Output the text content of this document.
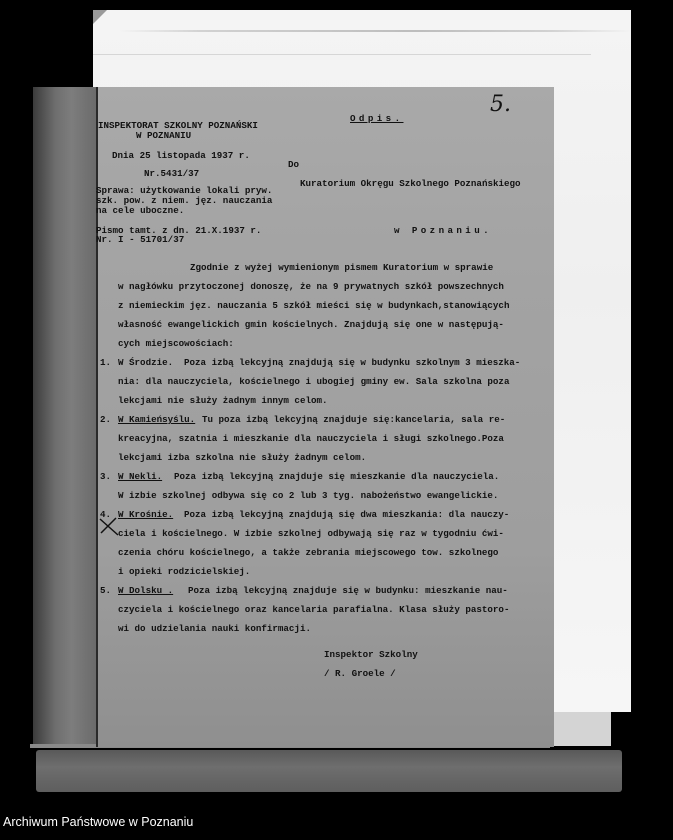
5.
INSPEKTORAT SZKOLNY POZNAŃSKI
W POZNANIU
Odpis.
Dnia 25 listopada 1937 r.
Do
Nr.5431/37
Kuratorium Okręgu Szkolnego Poznańskiego
Sprawa: użytkowanie lokali pryw.
szk. pow. z niem. jęz. nauczania
na cele uboczne.
Pismo tamt. z dn. 21.X.1937 r.
Nr. I - 51701/37
w Poznaniu.
Zgodnie z wyżej wymienionym pismem Kuratorium w sprawie
w nagłówku przytoczonej donoszę, że na 9 prywatnych szkół powszechnych
z niemieckim jęz. nauczania 5 szkół mieści się w budynkach,stanowiących
własność ewangelickich gmin kościelnych. Znajdują się one w następują-
cych miejscowościach:
1. W Środzie. Poza izbą lekcyjną znajdują się w budynku szkolnym 3 mieszka-
nia: dla nauczyciela, kościelnego i ubogiej gminy ew. Sala szkolna poza
lekcjami nie służy żadnym innym celom.
2. W Kamieńsyślu. Tu poza izbą lekcyjną znajduje się:kancelaria, sala re-
kreacyjna, szatnia i mieszkanie dla nauczyciela i sługi szkolnego.Poza
lekcjami izba szkolna nie służy żadnym celom.
3. W Nekli. Poza izbą lekcyjną znajduje się mieszkanie dla nauczyciela.
W izbie szkolnej odbywa się co 2 lub 3 tyg. nabożeństwo ewangelickie.
4. W Krośnie. Poza izbą lekcyjną znajdują się dwa mieszkania: dla nauczy-
ciela i kościelnego. W izbie szkolnej odbywają się raz w tygodniu ćwi-
czenia chóru kościelnego, a także zebrania miejscowego tow. szkolnego
i opieki rodzicielskiej.
5. W Dolsku . Poza izbą lekcyjną znajduje się w budynku: mieszkanie nau-
czyciela i kościelnego oraz kancelaria parafialna. Klasa służy pastoro-
wi do udzielania nauki konfirmacji.
Inspektor Szkolny
/ R. Groele /
Archiwum Państwowe w Poznaniu
